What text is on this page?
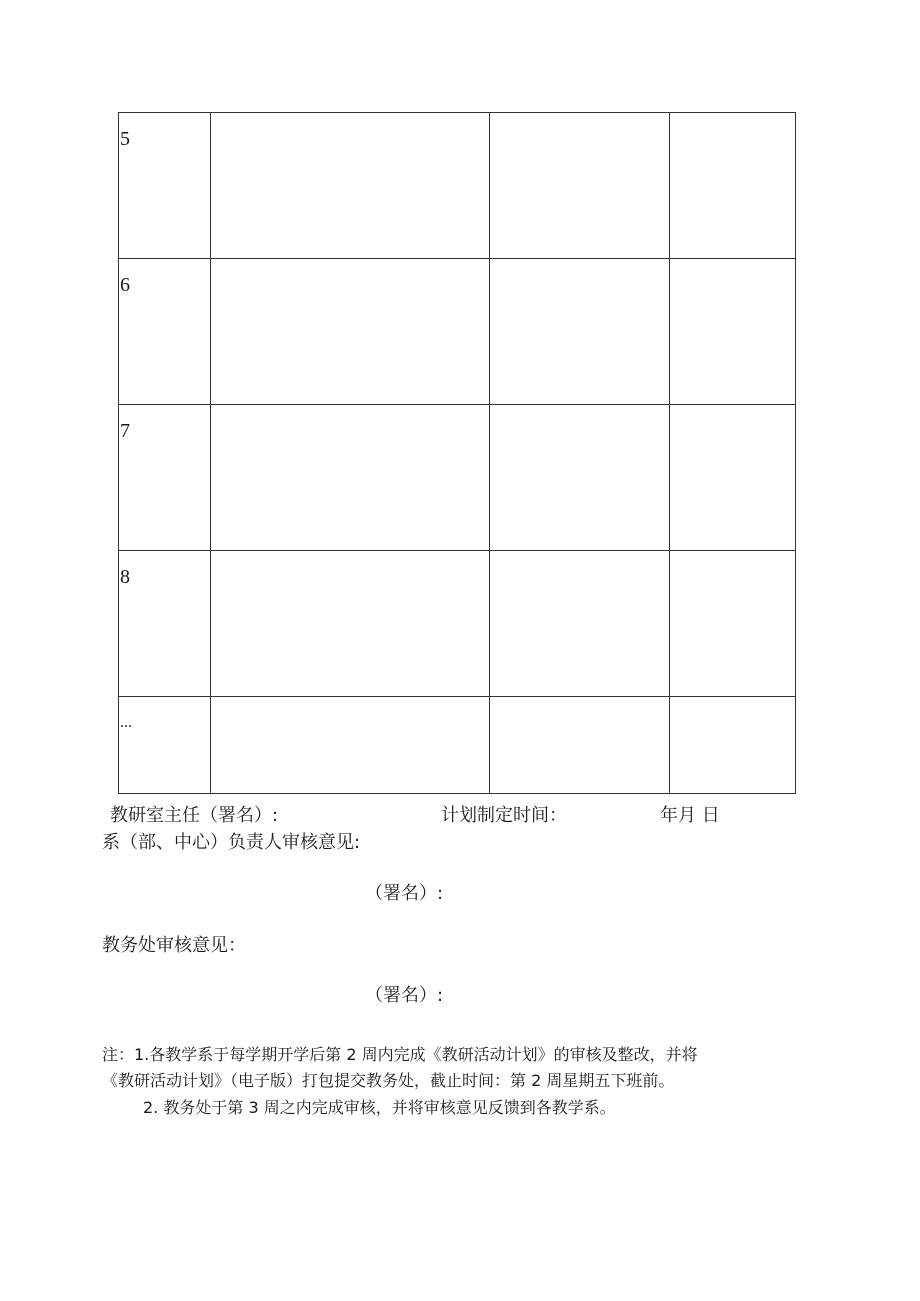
5			

6			

7			

8			

...			

教研室主任（署名）:	计划制定时间：	年月 日
系（部、中心）负责人审核意见:
（署名）:
教务处审核意见：
（署名）:
注：1.各教学系于每学期开学后第 2 周内完成《教研活动计划》的审核及整改，并将
《教研活动计划》（电子版）打包提交教务处，截止时间：第 2 周星期五下班前。
2. 教务处于第 3 周之内完成审核，并将审核意见反馈到各教学系。
